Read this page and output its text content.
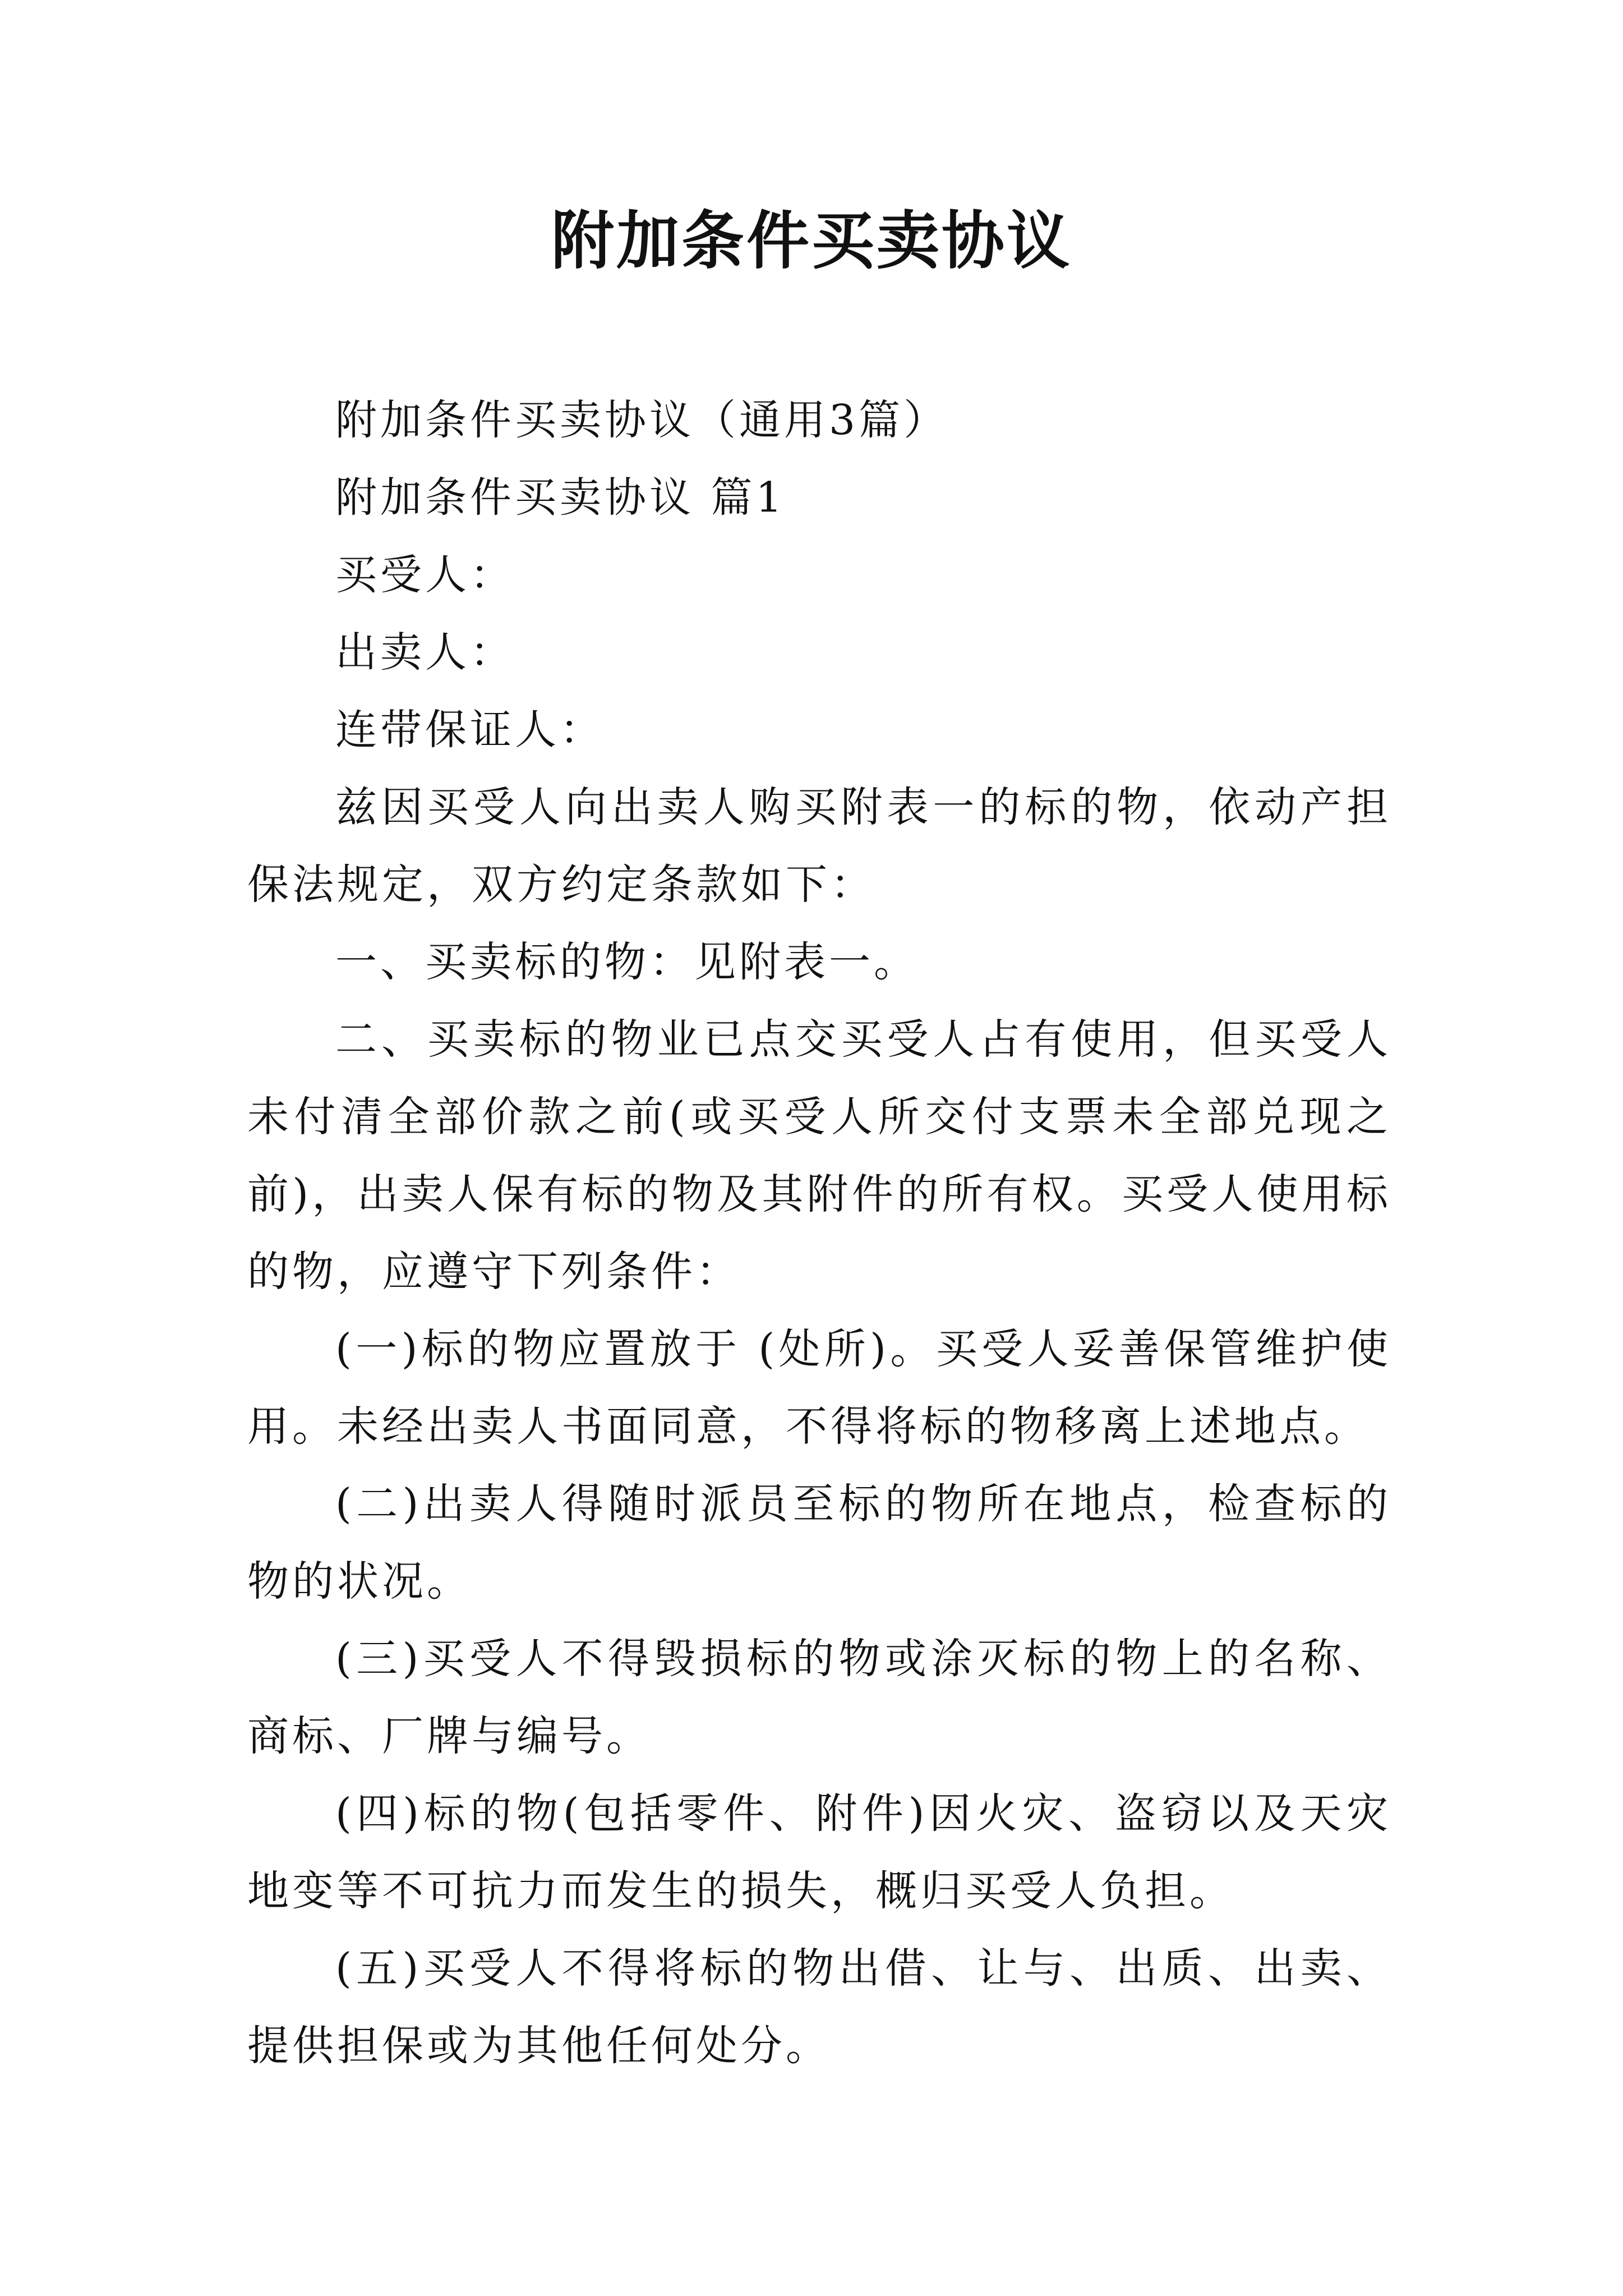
附加条件买卖协议

附加条件买卖协议（通用3篇）

附加条件买卖协议 篇1

买受人：

出卖人：

连带保证人：

兹因买受人向出卖人购买附表一的标的物，依动产担保法规定，双方约定条款如下：

一、买卖标的物：见附表一。

二、买卖标的物业已点交买受人占有使用，但买受人未付清全部价款之前(或买受人所交付支票未全部兑现之前)，出卖人保有标的物及其附件的所有权。买受人使用标的物，应遵守下列条件：

(一)标的物应置放于 (处所)。买受人妥善保管维护使用。未经出卖人书面同意，不得将标的物移离上述地点。

(二)出卖人得随时派员至标的物所在地点，检查标的物的状况。

(三)买受人不得毁损标的物或涂灭标的物上的名称、商标、厂牌与编号。

(四)标的物(包括零件、附件)因火灾、盗窃以及天灾地变等不可抗力而发生的损失，概归买受人负担。

(五)买受人不得将标的物出借、让与、出质、出卖、提供担保或为其他任何处分。
